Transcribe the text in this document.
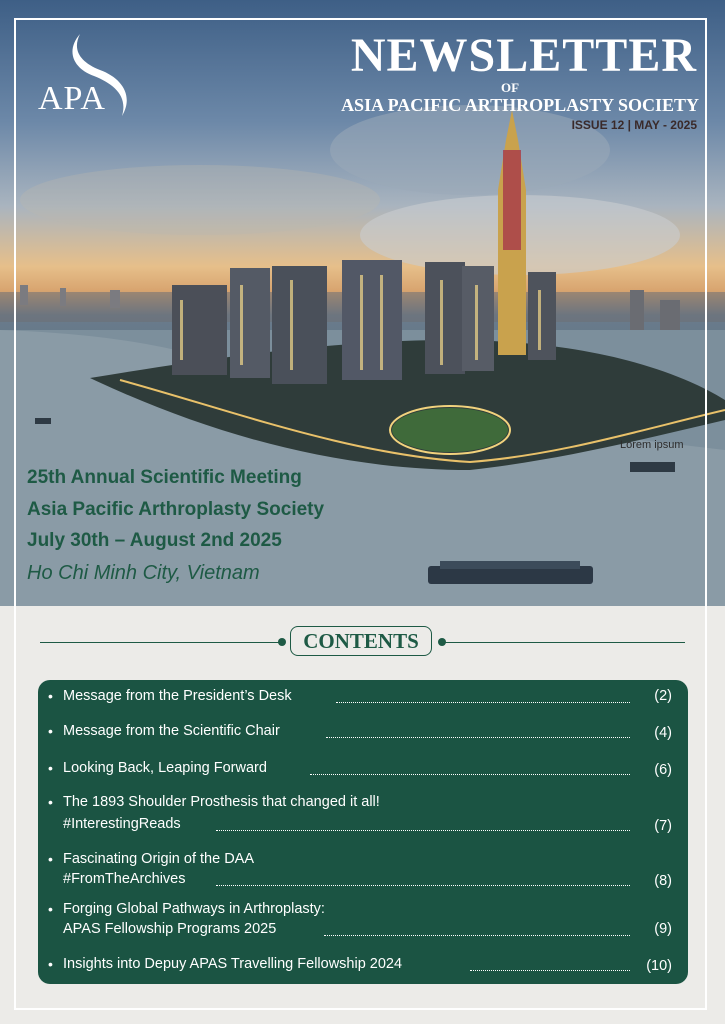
APA
NEWSLETTER
OF
ASIA PACIFIC ARTHROPLASTY SOCIETY
ISSUE 12 | MAY - 2025
Lorem ipsum
25th Annual Scientific Meeting
Asia Pacific Arthroplasty Society
July 30th – August 2nd 2025
Ho Chi Minh City, Vietnam
CONTENTS
• Message from the President’s Desk	(2)
• Message from the Scientific Chair	(4)
• Looking Back, Leaping Forward	(6)
• The 1893 Shoulder Prosthesis that changed it all!
#InterestingReads	(7)
• Fascinating Origin of the DAA
#FromTheArchives	(8)
• Forging Global Pathways in Arthroplasty:
APAS Fellowship Programs 2025	(9)
• Insights into Depuy APAS Travelling Fellowship 2024	(10)
